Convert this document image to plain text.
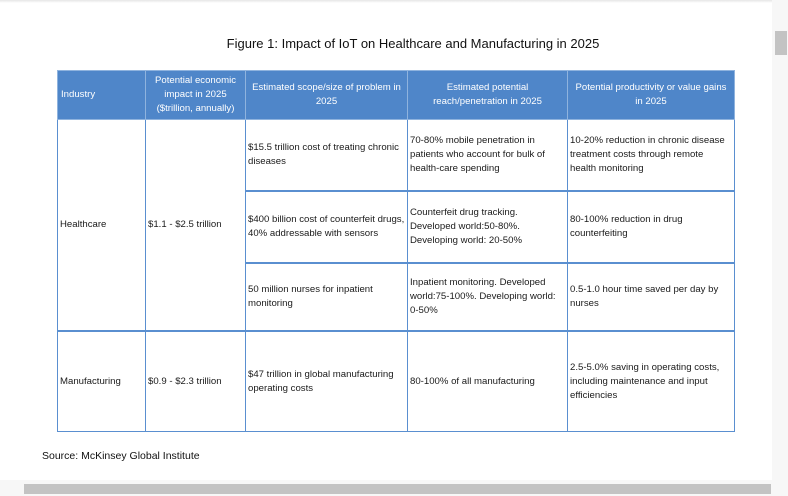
Figure 1: Impact of IoT on Healthcare and Manufacturing in 2025
Industry	Potential economic impact in 2025 ($trillion, annually)	Estimated scope/size of problem in 2025	Estimated potential reach/penetration in 2025	Potential productivity or value gains in 2025
Healthcare	$1.1 - $2.5 trillion	$15.5 trillion cost of treating chronic diseases	70-80% mobile penetration in patients who account for bulk of health-care spending	10-20% reduction in chronic disease treatment costs through remote health monitoring
		$400 billion cost of counterfeit drugs, 40% addressable with sensors	Counterfeit drug tracking. Developed world:50-80%. Developing world: 20-50%	80-100% reduction in drug counterfeiting
		50 million nurses for inpatient monitoring	Inpatient monitoring. Developed world:75-100%. Developing world: 0-50%	0.5-1.0 hour time saved per day by nurses
Manufacturing	$0.9 - $2.3 trillion	$47 trillion in global manufacturing operating costs	80-100% of all manufacturing	2.5-5.0% saving in operating costs, including maintenance and input efficiencies
Source: McKinsey Global Institute
